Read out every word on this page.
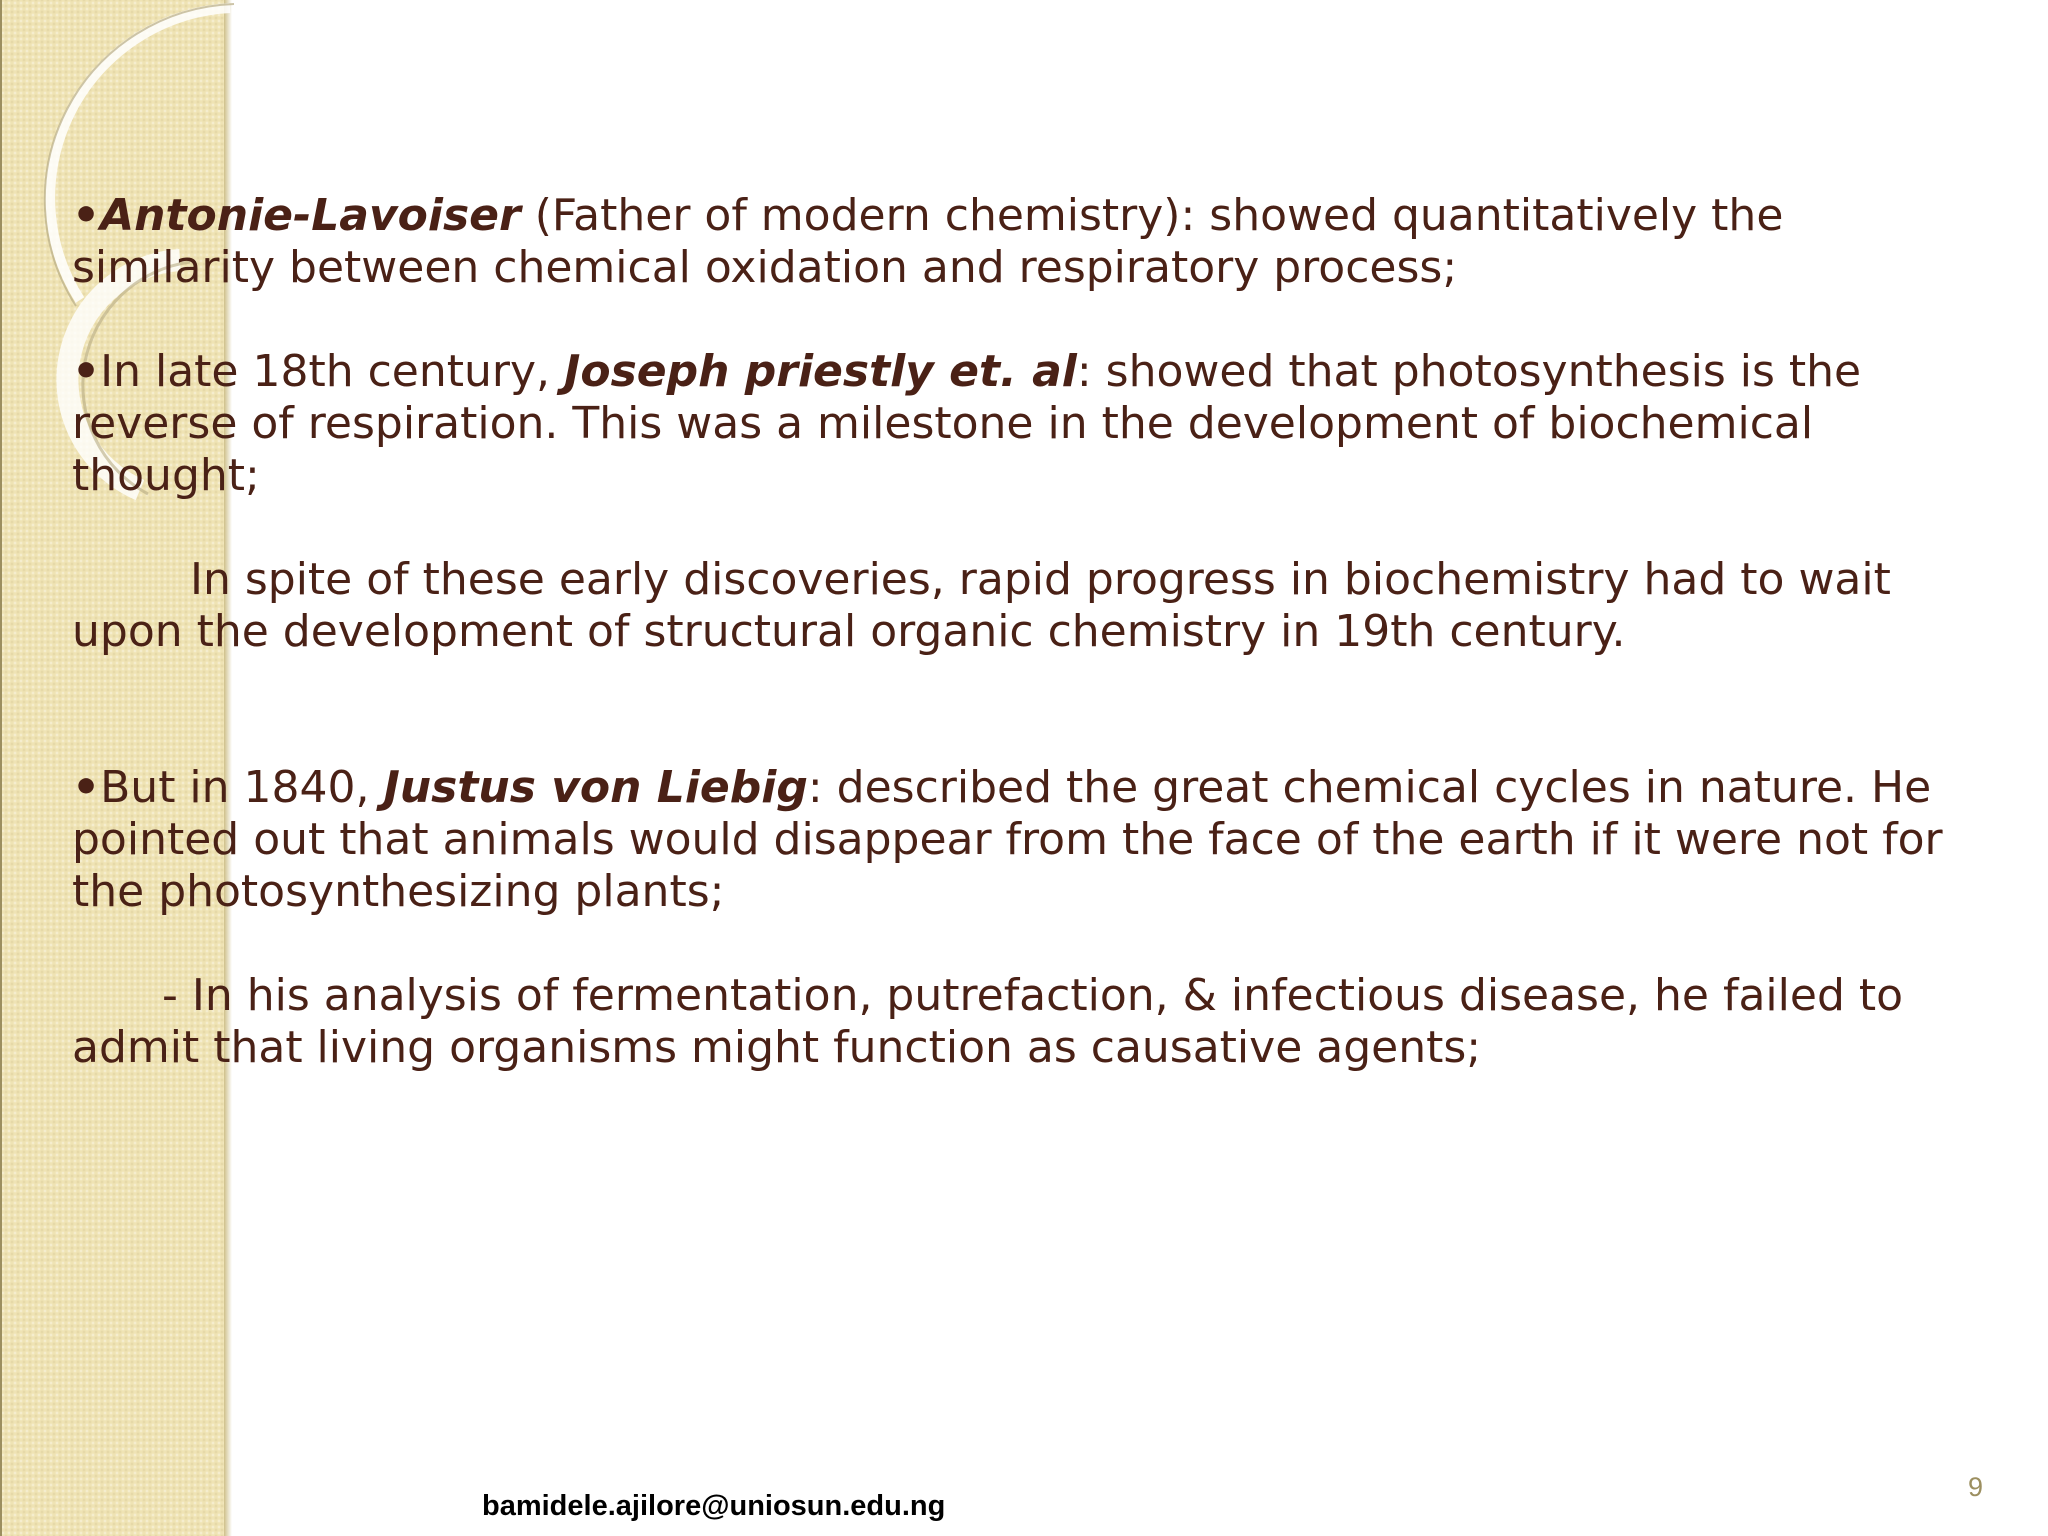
•Antonie-Lavoiser (Father of modern chemistry): showed quantitatively the similarity between chemical oxidation and respiratory process;

•In late 18th century, Joseph priestly et. al: showed that photosynthesis is the reverse of respiration. This was a milestone in the development of biochemical thought;

In spite of these early discoveries, rapid progress in biochemistry had to wait upon the development of structural organic chemistry in 19th century.

•But in 1840, Justus von Liebig: described the great chemical cycles in nature. He pointed out that animals would disappear from the face of the earth if it were not for the photosynthesizing plants;

- In his analysis of fermentation, putrefaction, & infectious disease, he failed to admit that living organisms might function as causative agents;

bamidele.ajilore@uniosun.edu.ng
9
